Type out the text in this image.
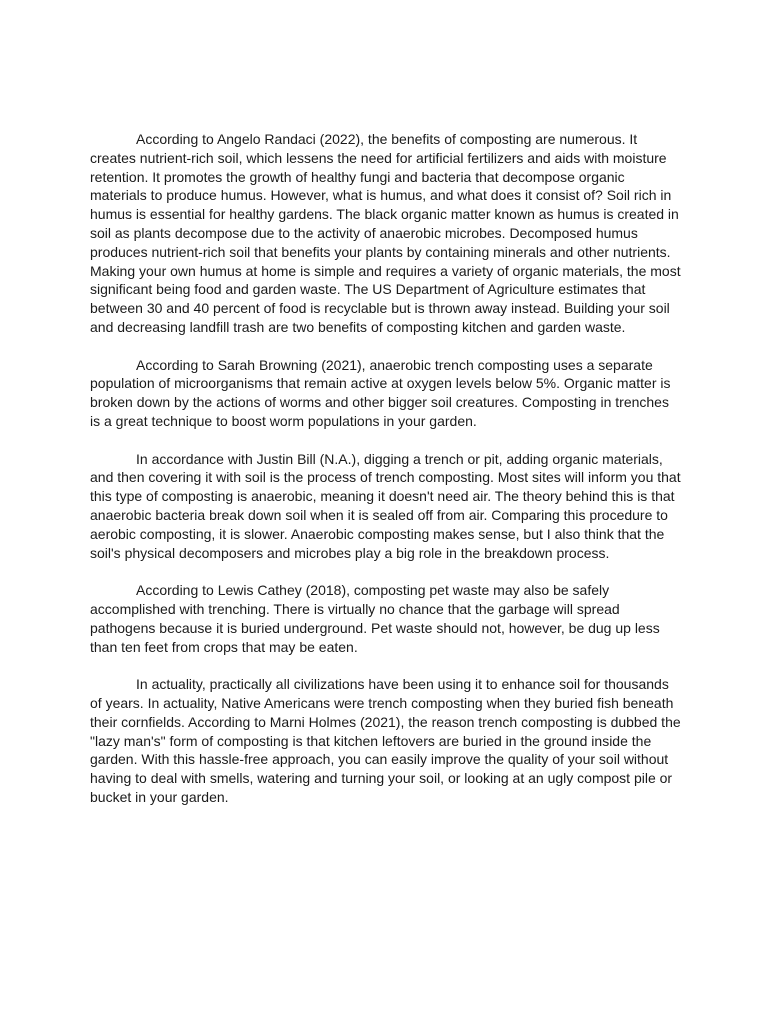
According to Angelo Randaci (2022), the benefits of composting are numerous. It creates nutrient-rich soil, which lessens the need for artificial fertilizers and aids with moisture retention. It promotes the growth of healthy fungi and bacteria that decompose organic materials to produce humus. However, what is humus, and what does it consist of? Soil rich in humus is essential for healthy gardens. The black organic matter known as humus is created in soil as plants decompose due to the activity of anaerobic microbes. Decomposed humus produces nutrient-rich soil that benefits your plants by containing minerals and other nutrients. Making your own humus at home is simple and requires a variety of organic materials, the most significant being food and garden waste. The US Department of Agriculture estimates that between 30 and 40 percent of food is recyclable but is thrown away instead. Building your soil and decreasing landfill trash are two benefits of composting kitchen and garden waste.

According to Sarah Browning (2021), anaerobic trench composting uses a separate population of microorganisms that remain active at oxygen levels below 5%. Organic matter is broken down by the actions of worms and other bigger soil creatures. Composting in trenches is a great technique to boost worm populations in your garden.

In accordance with Justin Bill (N.A.), digging a trench or pit, adding organic materials, and then covering it with soil is the process of trench composting. Most sites will inform you that this type of composting is anaerobic, meaning it doesn't need air. The theory behind this is that anaerobic bacteria break down soil when it is sealed off from air. Comparing this procedure to aerobic composting, it is slower. Anaerobic composting makes sense, but I also think that the soil's physical decomposers and microbes play a big role in the breakdown process.

According to Lewis Cathey (2018), composting pet waste may also be safely accomplished with trenching. There is virtually no chance that the garbage will spread pathogens because it is buried underground. Pet waste should not, however, be dug up less than ten feet from crops that may be eaten.

In actuality, practically all civilizations have been using it to enhance soil for thousands of years. In actuality, Native Americans were trench composting when they buried fish beneath their cornfields. According to Marni Holmes (2021), the reason trench composting is dubbed the "lazy man's" form of composting is that kitchen leftovers are buried in the ground inside the garden. With this hassle-free approach, you can easily improve the quality of your soil without having to deal with smells, watering and turning your soil, or looking at an ugly compost pile or bucket in your garden.
